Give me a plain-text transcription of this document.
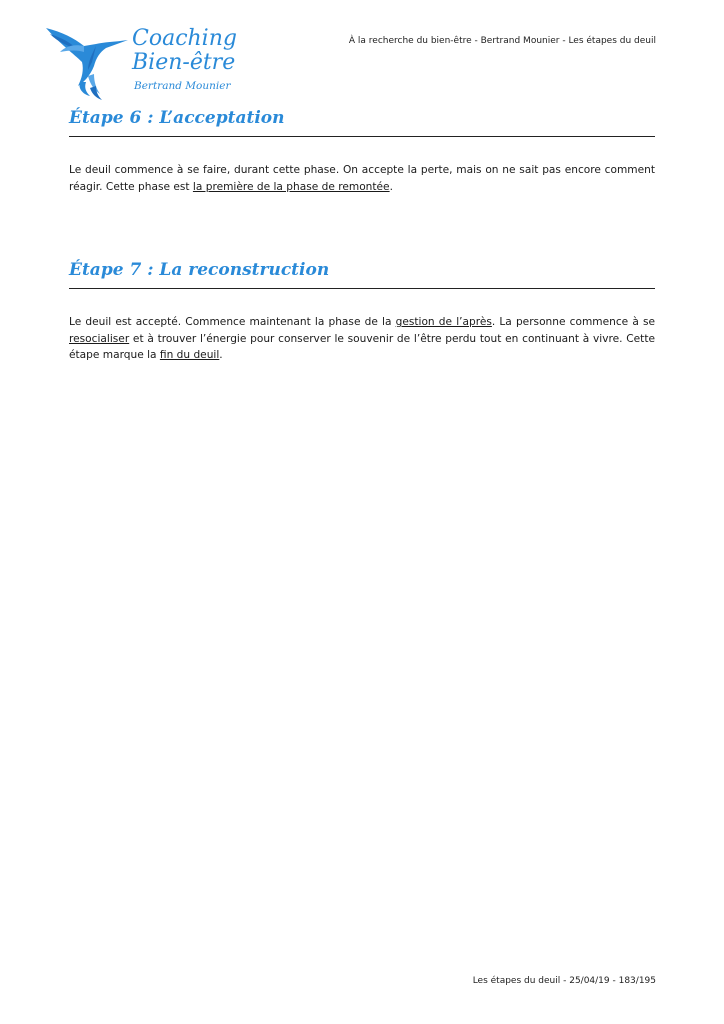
Coaching
Bien-être
Bertrand Mounier
À la recherche du bien-être - Bertrand Mounier - Les étapes du deuil
Étape 6 : L’acceptation

Le deuil commence à se faire, durant cette phase. On accepte la perte, mais on ne sait pas encore comment réagir. Cette phase est la première de la phase de remontée.

Étape 7 : La reconstruction

Le deuil est accepté. Commence maintenant la phase de la gestion de l’après. La personne commence à se resocialiser et à trouver l’énergie pour conserver le souvenir de l’être perdu tout en continuant à vivre. Cette étape marque la fin du deuil.

Les étapes du deuil - 25/04/19 - 183/195
